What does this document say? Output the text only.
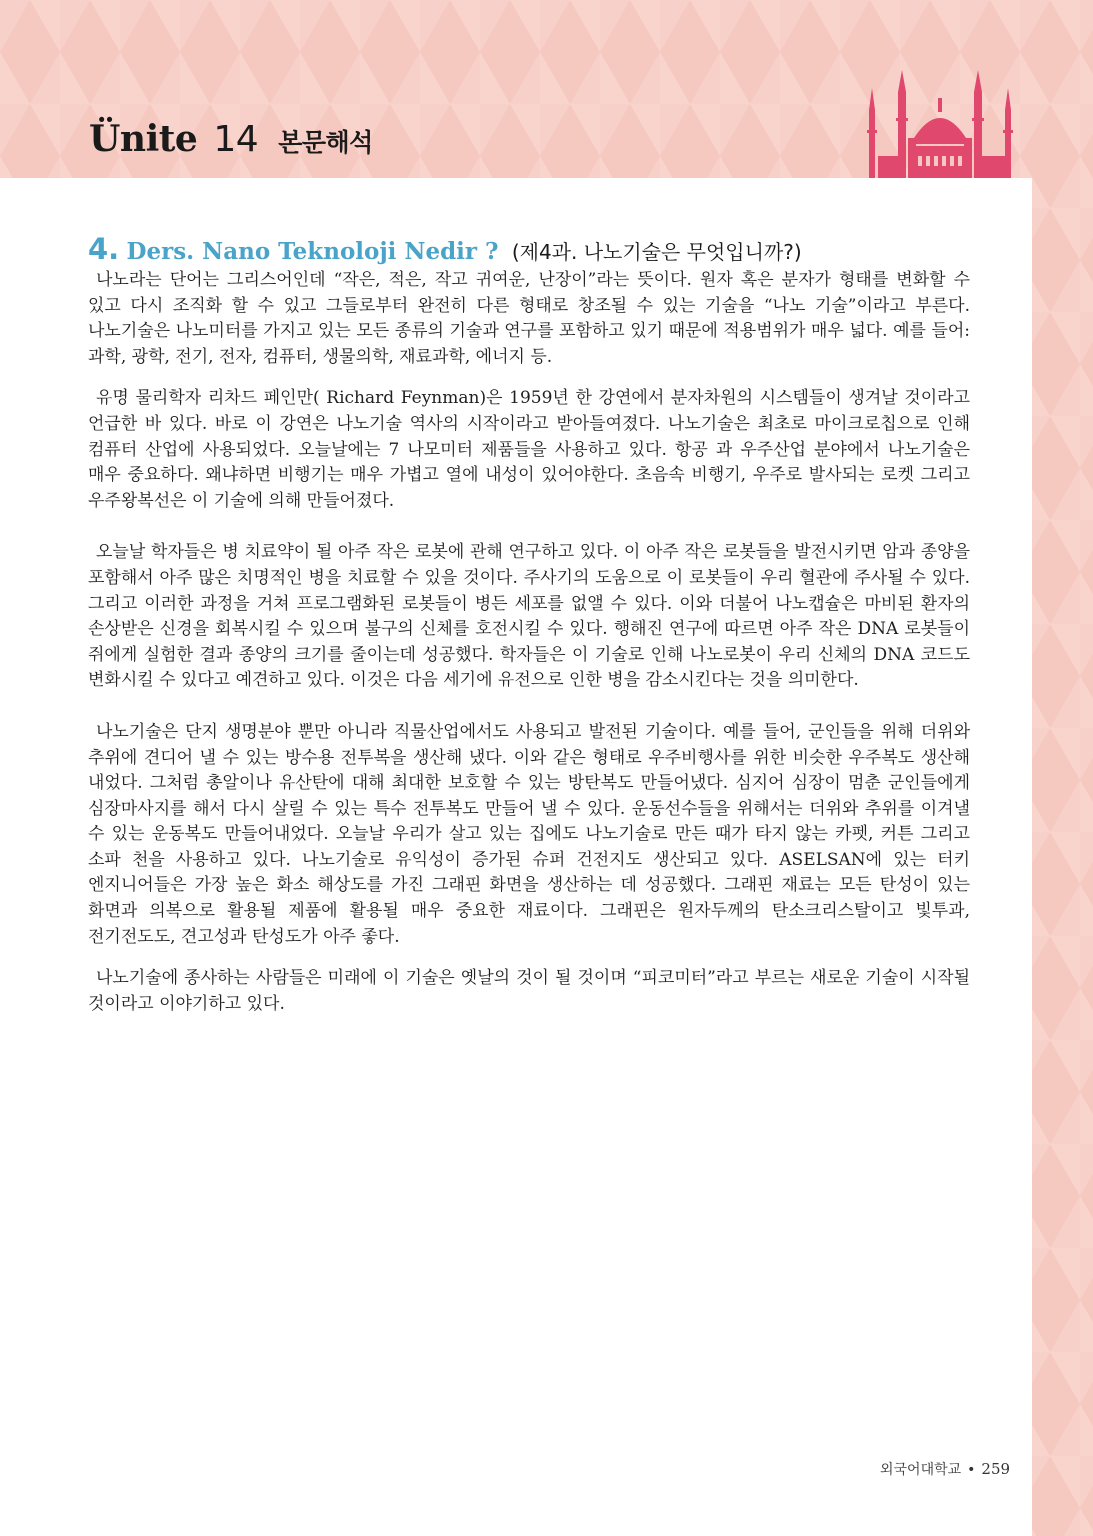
Ünite 14 본문해석
4. Ders. Nano Teknoloji Nedir ? (제4과. 나노기술은 무엇입니까?)

나노라는 단어는 그리스어인데 “작은, 적은, 작고 귀여운, 난장이”라는 뜻이다. 원자 혹은 분자가 형태를 변화할 수 있고 다시 조직화 할 수 있고 그들로부터 완전히 다른 형태로 창조될 수 있는 기술을 “나노 기술”이라고 부른다. 나노기술은 나노미터를 가지고 있는 모든 종류의 기술과 연구를 포함하고 있기 때문에 적용범위가 매우 넓다. 예를 들어: 과학, 광학, 전기, 전자, 컴퓨터, 생물의학, 재료과학, 에너지 등.

유명 물리학자 리차드 페인만( Richard Feynman)은 1959년 한 강연에서 분자차원의 시스템들이 생겨날 것이라고 언급한 바 있다. 바로 이 강연은 나노기술 역사의 시작이라고 받아들여졌다. 나노기술은 최초로 마이크로칩으로 인해 컴퓨터 산업에 사용되었다. 오늘날에는 7 나모미터 제품들을 사용하고 있다. 항공 과 우주산업 분야에서 나노기술은 매우 중요하다. 왜냐하면 비행기는 매우 가볍고 열에 내성이 있어야한다. 초음속 비행기, 우주로 발사되는 로켓 그리고 우주왕복선은 이 기술에 의해 만들어졌다.

오늘날 학자들은 병 치료약이 될 아주 작은 로봇에 관해 연구하고 있다. 이 아주 작은 로봇들을 발전시키면 암과 종양을 포함해서 아주 많은 치명적인 병을 치료할 수 있을 것이다. 주사기의 도움으로 이 로봇들이 우리 혈관에 주사될 수 있다. 그리고 이러한 과정을 거쳐 프로그램화된 로봇들이 병든 세포를 없앨 수 있다. 이와 더불어 나노캡슐은 마비된 환자의 손상받은 신경을 회복시킬 수 있으며 불구의 신체를 호전시킬 수 있다. 행해진 연구에 따르면 아주 작은 DNA 로봇들이 쥐에게 실험한 결과 종양의 크기를 줄이는데 성공했다. 학자들은 이 기술로 인해 나노로봇이 우리 신체의 DNA 코드도 변화시킬 수 있다고 예견하고 있다. 이것은 다음 세기에 유전으로 인한 병을 감소시킨다는 것을 의미한다.

나노기술은 단지 생명분야 뿐만 아니라 직물산업에서도 사용되고 발전된 기술이다. 예를 들어, 군인들을 위해 더위와 추위에 견디어 낼 수 있는 방수용 전투복을 생산해 냈다. 이와 같은 형태로 우주비행사를 위한 비슷한 우주복도 생산해 내었다. 그처럼 총알이나 유산탄에 대해 최대한 보호할 수 있는 방탄복도 만들어냈다. 심지어 심장이 멈춘 군인들에게 심장마사지를 해서 다시 살릴 수 있는 특수 전투복도 만들어 낼 수 있다. 운동선수들을 위해서는 더위와 추위를 이겨낼 수 있는 운동복도 만들어내었다. 오늘날 우리가 살고 있는 집에도 나노기술로 만든 때가 타지 않는 카펫, 커튼 그리고 소파 천을 사용하고 있다. 나노기술로 유익성이 증가된 슈퍼 건전지도 생산되고 있다. ASELSAN에 있는 터키 엔지니어들은 가장 높은 화소 해상도를 가진 그래핀 화면을 생산하는 데 성공했다. 그래핀 재료는 모든 탄성이 있는 화면과 의복으로 활용될 제품에 활용될 매우 중요한 재료이다. 그래핀은 원자두께의 탄소크리스탈이고 빛투과, 전기전도도, 견고성과 탄성도가 아주 좋다.

나노기술에 종사하는 사람들은 미래에 이 기술은 옛날의 것이 될 것이며 “피코미터”라고 부르는 새로운 기술이 시작될 것이라고 이야기하고 있다.

외국어대학교 • 259
